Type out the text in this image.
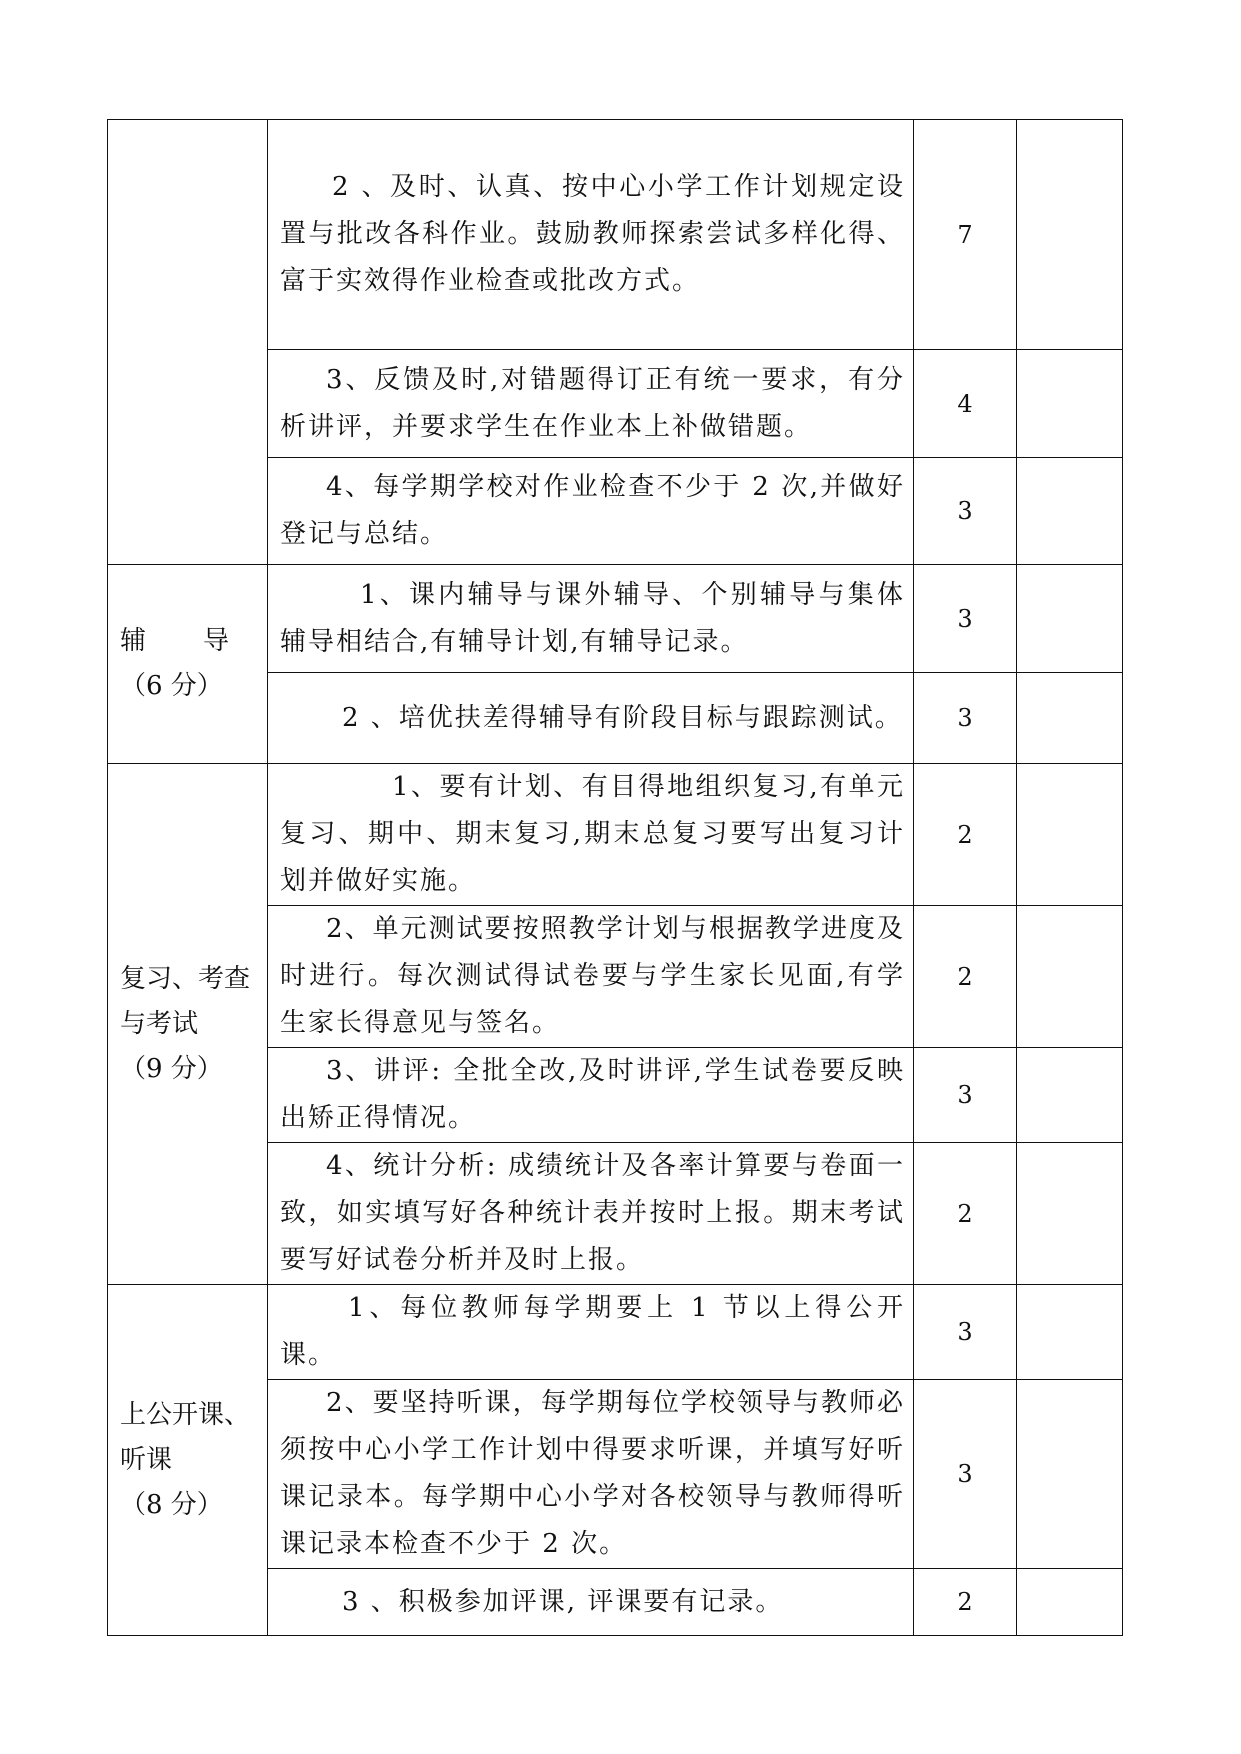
	2 、及时、认真、按中心小学工作计划规定设置与批改各科作业。鼓励教师探索尝试多样化得、富于实效得作业检查或批改方式。	7	
	3、反馈及时,对错题得订正有统一要求，有分析讲评，并要求学生在作业本上补做错题。	4	
	4、每学期学校对作业检查不少于 2 次,并做好登记与总结。	3	

辅 导
（6 分）	1、课内辅导与课外辅导、个别辅导与集体辅导相结合,有辅导计划,有辅导记录。	3	
	2 、培优扶差得辅导有阶段目标与跟踪测试。	3	

复习、考查
与考试
（9 分）	1、要有计划、有目得地组织复习,有单元复习、期中、期末复习,期末总复习要写出复习计划并做好实施。	2	
	2、单元测试要按照教学计划与根据教学进度及时进行。每次测试得试卷要与学生家长见面,有学生家长得意见与签名。	2	
	3、讲评: 全批全改,及时讲评,学生试卷要反映出矫正得情况。	3	
	4、统计分析: 成绩统计及各率计算要与卷面一致，如实填写好各种统计表并按时上报。期末考试要写好试卷分析并及时上报。	2	

上公开课、
听课
（8 分）	1、每位教师每学期要上 1 节以上得公开课。	3	
	2、要坚持听课，每学期每位学校领导与教师必须按中心小学工作计划中得要求听课，并填写好听课记录本。每学期中心小学对各校领导与教师得听课记录本检查不少于 2 次。	3	
	3 、积极参加评课, 评课要有记录。	2	
